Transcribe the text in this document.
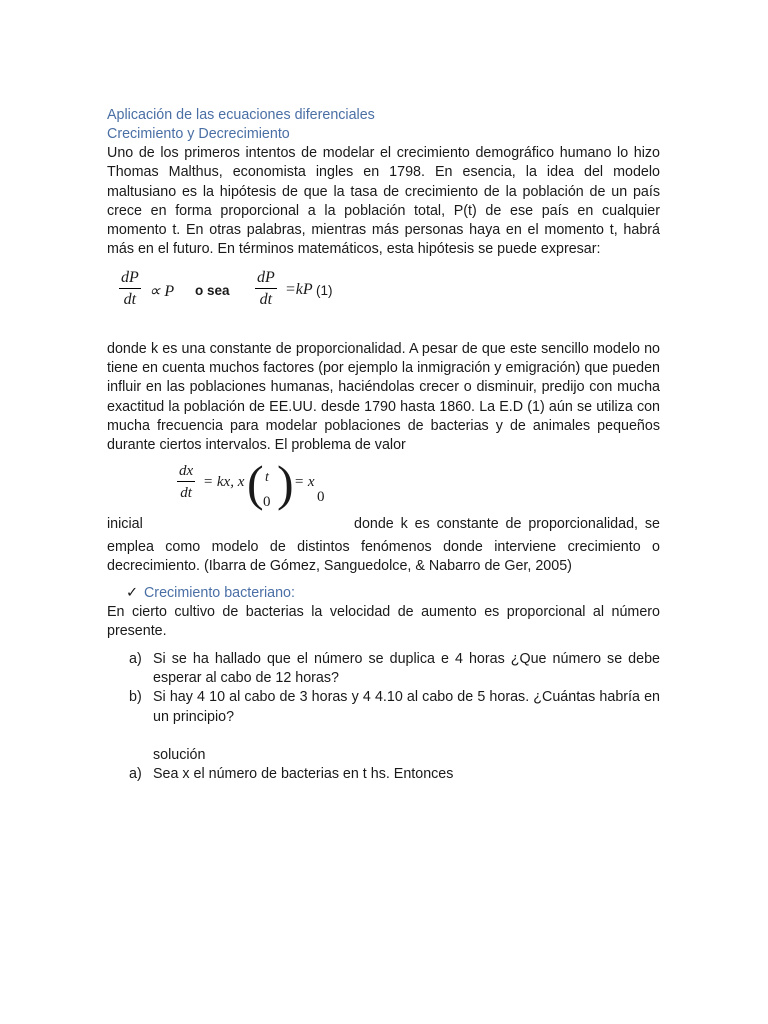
Aplicación de las ecuaciones diferenciales
Crecimiento y Decrecimiento

Uno de los primeros intentos de modelar el crecimiento demográfico humano lo hizo Thomas Malthus, economista ingles en 1798. En esencia, la idea del modelo maltusiano es la hipótesis de que la tasa de crecimiento de la población de un país crece en forma proporcional a la población total, P(t) de ese país en cualquier momento t. En otras palabras, mientras más personas haya en el momento t, habrá más en el futuro. En términos matemáticos, esta hipótesis se puede expresar:

$\frac{dP}{dt} \propto P$ o sea $\frac{dP}{dt} =kP$ (1)

donde k es una constante de proporcionalidad. A pesar de que este sencillo modelo no tiene en cuenta muchos factores (por ejemplo la inmigración y emigración) que pueden influir en las poblaciones humanas, haciéndolas crecer o disminuir, predijo con mucha exactitud la población de EE.UU. desde 1790 hasta 1860. La E.D (1) aún se utiliza con mucha frecuencia para modelar poblaciones de bacterias y de animales pequeños durante ciertos intervalos. El problema de valor

$\frac{dx}{dt}$ = kx, x ( t
0 ) = x
0
inicial	donde k es constante de proporcionalidad, se

emplea como modelo de distintos fenómenos donde interviene crecimiento o decrecimiento. (Ibarra de Gómez, Sanguedolce, & Nabarro de Ger, 2005)

✓ Crecimiento bacteriano:

En cierto cultivo de bacterias la velocidad de aumento es proporcional al número presente.

a) Si se ha hallado que el número se duplica e 4 horas ¿Que número se debe esperar al cabo de 12 horas?
b) Si hay 4 10 al cabo de 3 horas y 4 4.10 al cabo de 5 horas. ¿Cuántas habría en un principio?
solución
a) Sea x el número de bacterias en t hs. Entonces
